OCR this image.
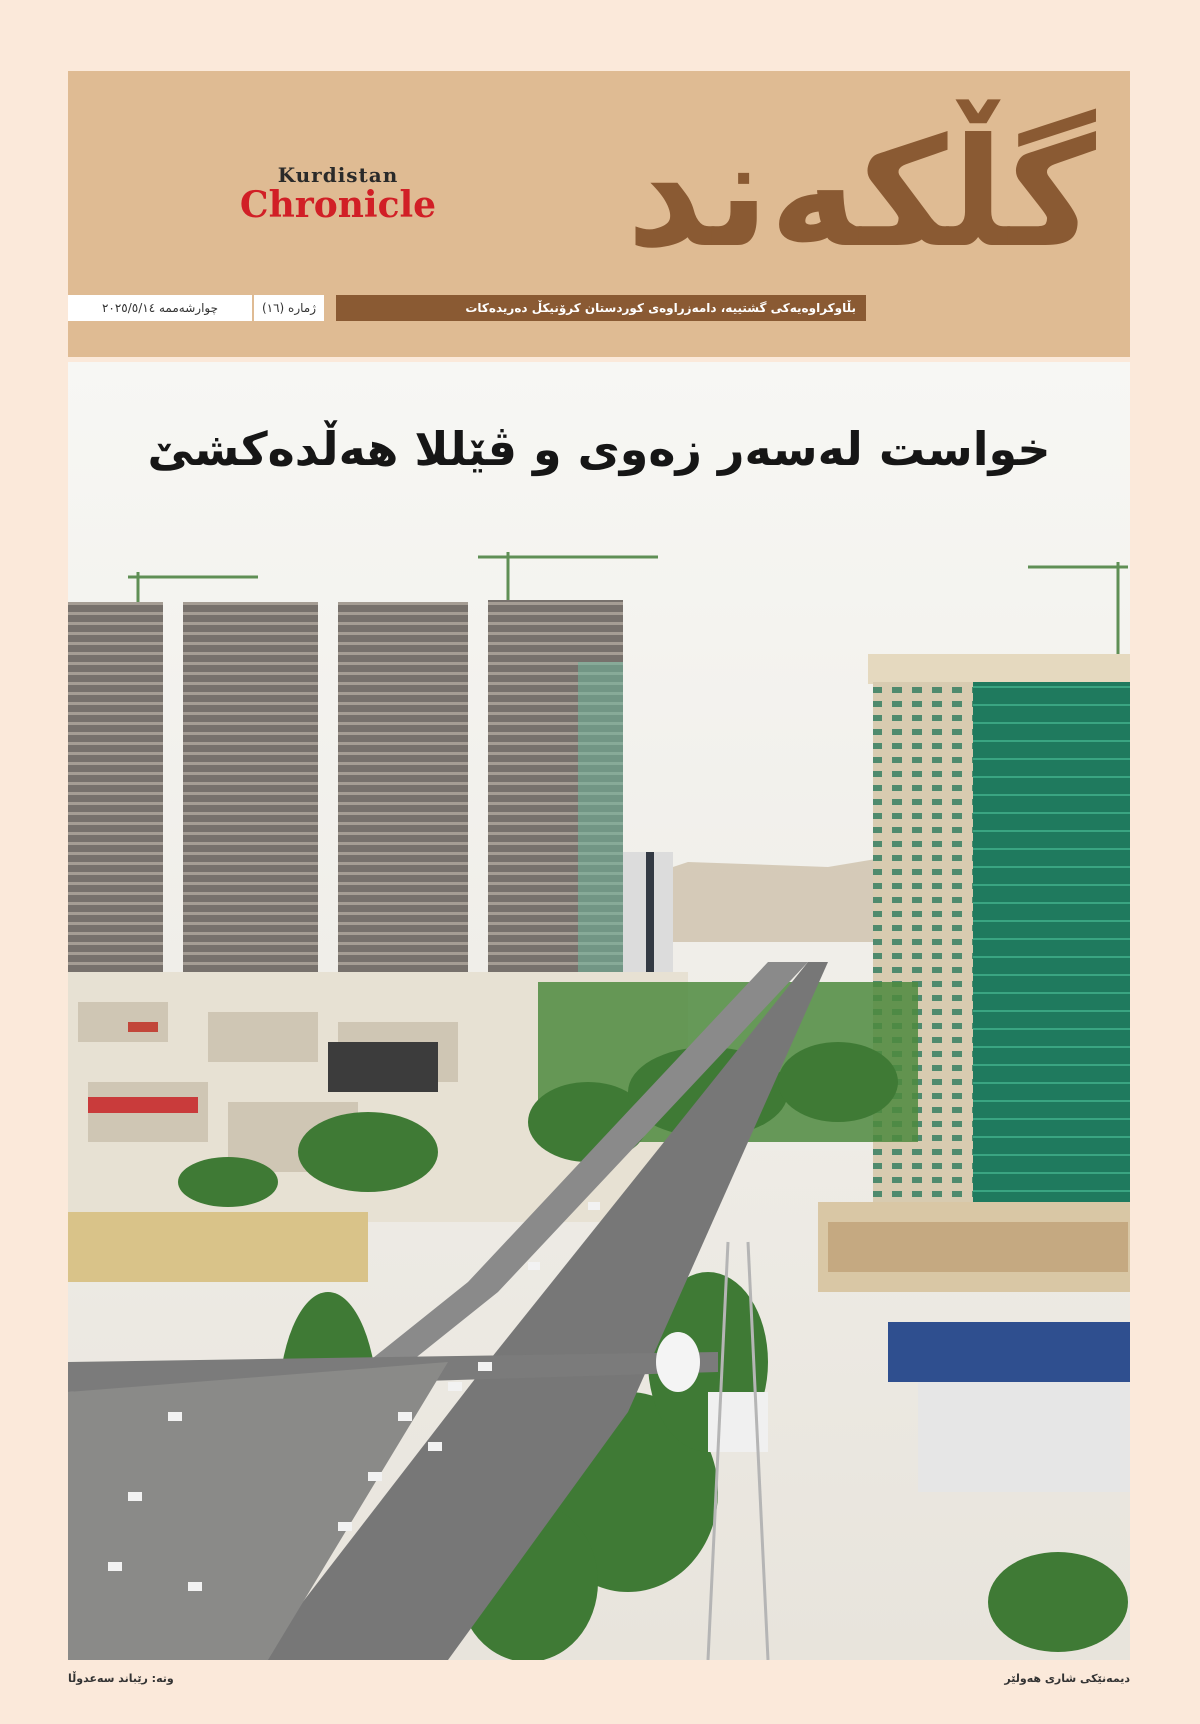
Kurdistan
Chronicle گڵکەند
چوارشەممە ٢٠٢٥/٥/١٤	ژمارە (١٦)	بڵاوکراوەیەکی گشتییە، دامەزراوەی کوردستان کرۆنیکڵ دەریدەکات
خواست لەسەر زەوی و ڤێللا هەڵدەکشێ
دیمەنێکی شاری هەولێر
وتە: رێباند سەعدوڵا
